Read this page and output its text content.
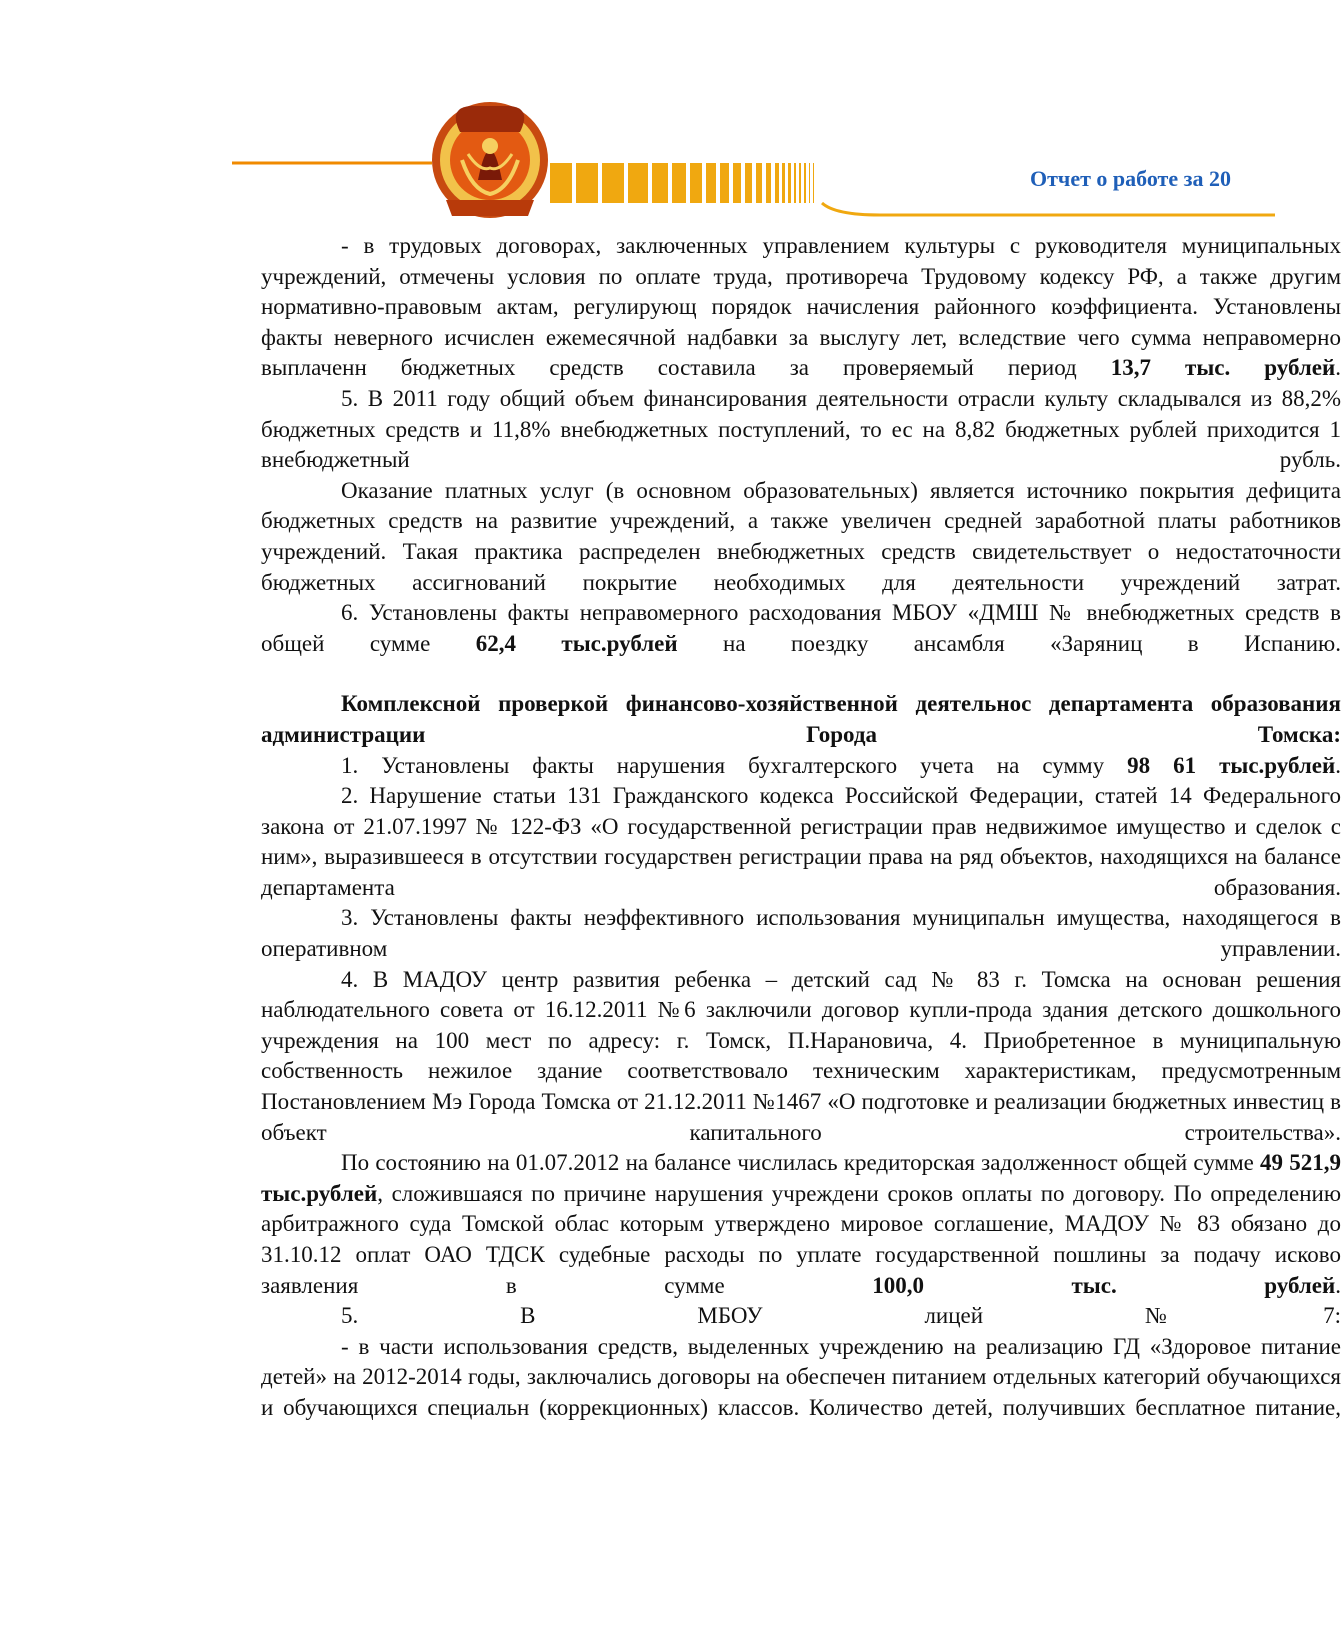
Отчет о работе за 20

- в трудовых договорах, заключенных управлением культуры с руководителя муниципальных учреждений, отмечены условия по оплате труда, противореча Трудовому кодексу РФ, а также другим нормативно-правовым актам, регулирующ порядок начисления районного коэффициента. Установлены факты неверного исчислен ежемесячной надбавки за выслугу лет, вследствие чего сумма неправомерно выплаченн бюджетных средств составила за проверяемый период 13,7 тыс. рублей.

5. В 2011 году общий объем финансирования деятельности отрасли культу складывался из 88,2% бюджетных средств и 11,8% внебюджетных поступлений, то ес на 8,82 бюджетных рублей приходится 1 внебюджетный рубль.

Оказание платных услуг (в основном образовательных) является источнико покрытия дефицита бюджетных средств на развитие учреждений, а также увеличен средней заработной платы работников учреждений. Такая практика распределен внебюджетных средств свидетельствует о недостаточности бюджетных ассигнований покрытие необходимых для деятельности учреждений затрат.

6. Установлены факты неправомерного расходования МБОУ «ДМШ № внебюджетных средств в общей сумме 62,4 тыс.рублей на поездку ансамбля «Заряниц в Испанию.

Комплексной проверкой финансово-хозяйственной деятельнос департамента образования администрации Города Томска:

1. Установлены факты нарушения бухгалтерского учета на сумму 98 61 тыс.рублей.

2. Нарушение статьи 131 Гражданского кодекса Российской Федерации, статей 14 Федерального закона от 21.07.1997 № 122-ФЗ «О государственной регистрации прав недвижимое имущество и сделок с ним», выразившееся в отсутствии государствен регистрации права на ряд объектов, находящихся на балансе департамента образования.

3. Установлены факты неэффективного использования муниципальн имущества, находящегося в оперативном управлении.

4. В МАДОУ центр развития ребенка – детский сад № 83 г. Томска на основан решения наблюдательного совета от 16.12.2011 №6 заключили договор купли-прода здания детского дошкольного учреждения на 100 мест по адресу: г. Томск, П.Нарановича, 4. Приобретенное в муниципальную собственность нежилое здание соответствовало техническим характеристикам, предусмотренным Постановлением Мэ Города Томска от 21.12.2011 №1467 «О подготовке и реализации бюджетных инвестиц в объект капитального строительства».

По состоянию на 01.07.2012 на балансе числилась кредиторская задолженност общей сумме 49 521,9 тыс.рублей, сложившаяся по причине нарушения учреждени сроков оплаты по договору. По определению арбитражного суда Томской облас которым утверждено мировое соглашение, МАДОУ № 83 обязано до 31.10.12 оплат ОАО ТДСК судебные расходы по уплате государственной пошлины за подачу исково заявления в сумме 100,0 тыс. рублей.

5. В МБОУ лицей №7:

- в части использования средств, выделенных учреждению на реализацию ГД «Здоровое питание детей» на 2012-2014 годы, заключались договоры на обеспечен питанием отдельных категорий обучающихся и обучающихся специальн (коррекционных) классов. Количество детей, получивших бесплатное питание,
